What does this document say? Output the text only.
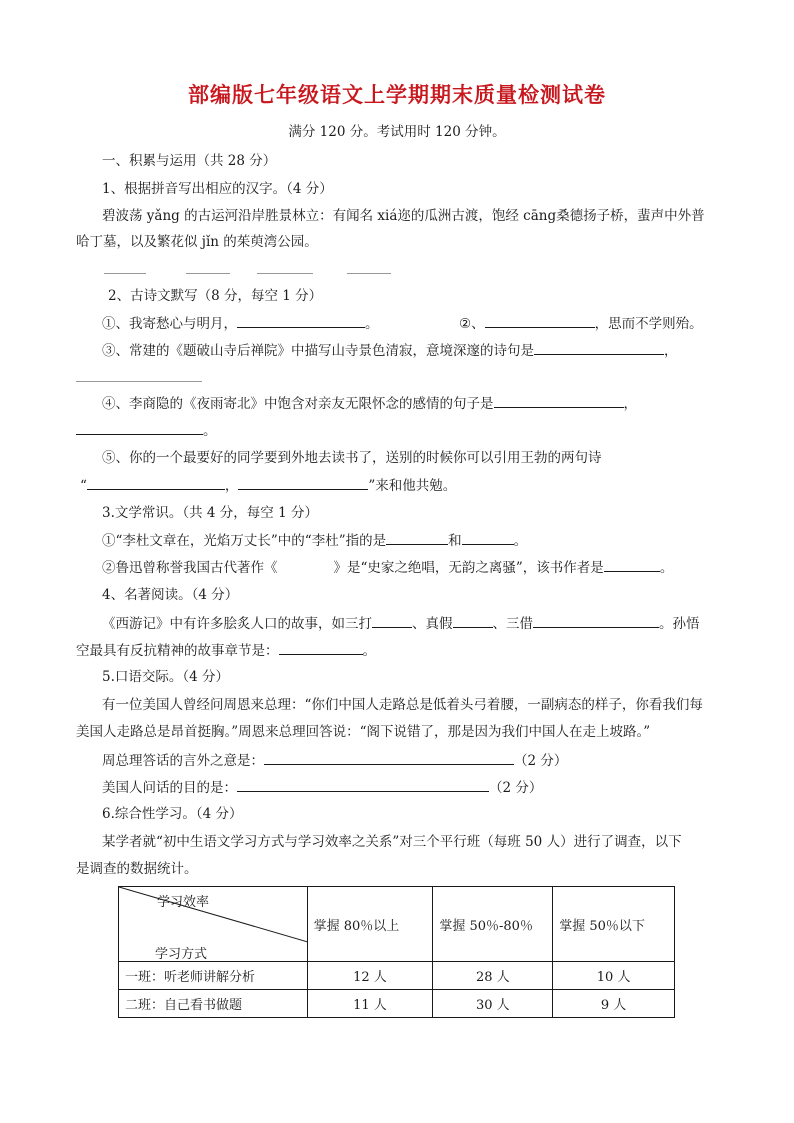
部编版七年级语文上学期期末质量检测试卷
满分 120 分。考试用时 120 分钟。
一、积累与运用（共 28 分）
1、根据拼音写出相应的汉字。（4 分）
碧波荡 yǎng 的古运河沿岸胜景林立：有闻名 xiá迩的瓜洲古渡，饱经 cāng桑德扬子桥，蜚声中外普
哈丁墓，以及繁花似 jǐn 的茱萸湾公园。
2、古诗文默写（8 分，每空 1 分）
①、我寄愁心与明月，	。	②、	，思而不学则殆。
③、常建的《题破山寺后禅院》中描写山寺景色清寂，意境深邃的诗句是	，
④、李商隐的《夜雨寄北》中饱含对亲友无限怀念的感情的句子是	，
。
⑤、你的一个最要好的同学要到外地去读书了，送别的时候你可以引用王勃的两句诗
“	，	”来和他共勉。
3.文学常识。（共 4 分，每空 1 分）
①“李杜文章在，光焰万丈长”中的“李杜”指的是	和	。
②鲁迅曾称誉我国古代著作《	》是“史家之绝唱，无韵之离骚”，该书作者是	。
4、名著阅读。（4 分）
《西游记》中有许多脍炙人口的故事，如三打	、真假	、三借	。孙悟
空最具有反抗精神的故事章节是：	。
5.口语交际。（4 分）
有一位美国人曾经问周恩来总理：“你们中国人走路总是低着头弓着腰，一副病态的样子，你看我们每
美国人走路总是昂首挺胸。”周恩来总理回答说：“阁下说错了，那是因为我们中国人在走上坡路。”
周总理答话的言外之意是：	（2 分）
美国人问话的目的是：	（2 分）
6.综合性学习。（4 分）
某学者就“初中生语文学习方式与学习效率之关系”对三个平行班（每班 50 人）进行了调查，以下
是调查的数据统计。
学习效率
学习方式	掌握 80％以上	掌握 50％-80％	掌握 50％以下
一班：听老师讲解分析	12 人	28 人	10 人
二班：自己看书做题	11 人	30 人	9 人
